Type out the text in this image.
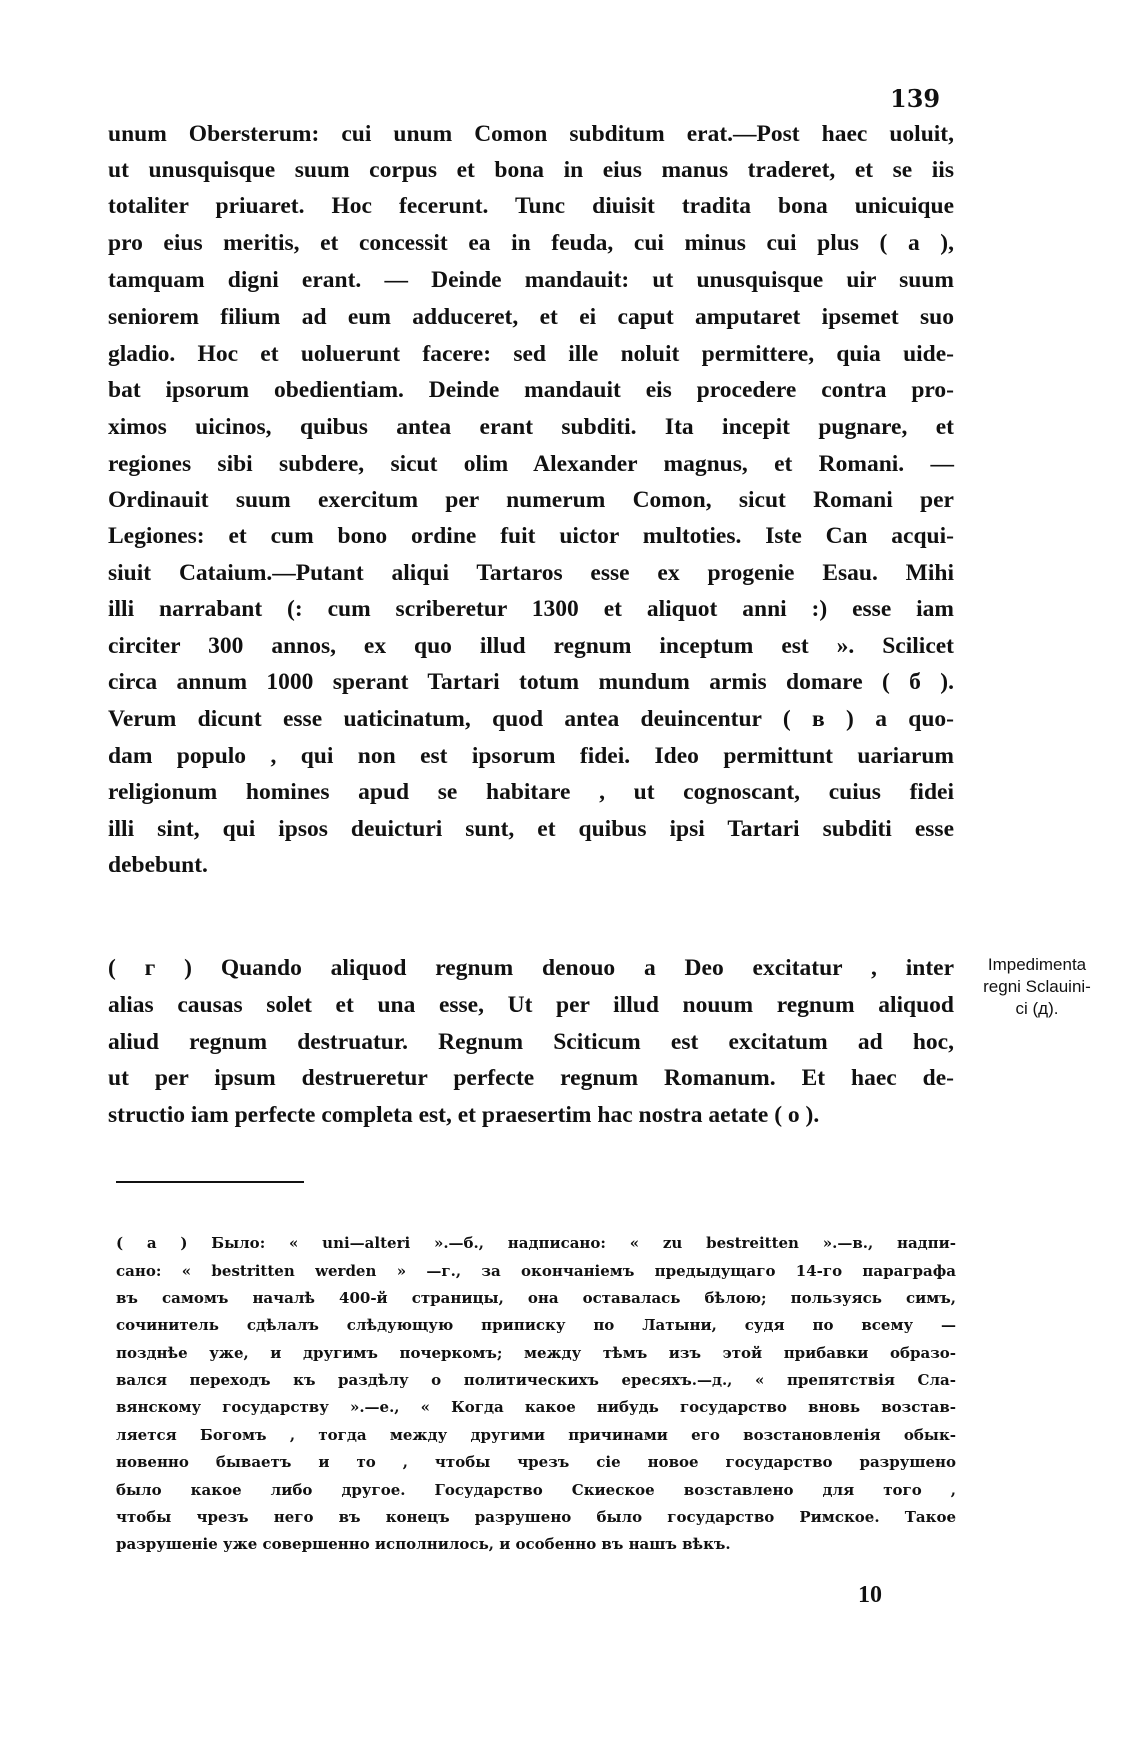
139
unum Obersterum: cui unum Comon subditum erat.—Post haec uoluit,
ut unusquisque suum corpus et bona in eius manus traderet, et se iis
totaliter priuaret. Hoc fecerunt. Tunc diuisit tradita bona unicuique
pro eius meritis, et concessit ea in feuda, cui minus cui plus ( a ),
tamquam digni erant. — Deinde mandauit: ut unusquisque uir suum
seniorem filium ad eum adduceret, et ei caput amputaret ipsemet suo
gladio. Hoc et uoluerunt facere: sed ille noluit permittere, quia uide-
bat ipsorum obedientiam. Deinde mandauit eis procedere contra pro-
ximos uicinos, quibus antea erant subditi. Ita incepit pugnare, et
regiones sibi subdere, sicut olim Alexander magnus, et Romani. —
Ordinauit suum exercitum per numerum Comon, sicut Romani per
Legiones: et cum bono ordine fuit uictor multoties. Iste Can acqui-
siuit Cataium.—Putant aliqui Tartaros esse ex progenie Esau. Mihi
illi narrabant (: cum scriberetur 1300 et aliquot anni :) esse iam
circiter 300 annos, ex quo illud regnum inceptum est ». Scilicet
circa annum 1000 sperant Tartari totum mundum armis domare ( б ).
Verum dicunt esse uaticinatum, quod antea deuincentur ( в ) a quo-
dam populo , qui non est ipsorum fidei. Ideo permittunt uariarum
religionum homines apud se habitare , ut cognoscant, cuius fidei
illi sint, qui ipsos deuicturi sunt, et quibus ipsi Tartari subditi esse
debebunt.
( г ) Quando aliquod regnum denouo a Deo excitatur , inter
alias causas solet et una esse, Ut per illud nouum regnum aliquod
aliud regnum destruatur. Regnum Sciticum est excitatum ad hoc,
ut per ipsum destrueretur perfecte regnum Romanum. Et haec de-
structio iam perfecte completa est, et praesertim hac nostra aetate ( о ).
Impedimenta
regni Sclauini-
ci (д).
( а ) Было: « uni—alteri ».—б., надписано: « zu bestreitten ».—в., надпи-
сано: « bestritten werden » —г., за окончаніемъ предыдущаго 14-го параграфа
въ самомъ началѣ 400-й страницы, она оставалась бѣлою; пользуясь симъ,
сочинитель сдѣлалъ слѣдующую приписку по Латыни, судя по всему —
позднѣе уже, и другимъ почеркомъ; между тѣмъ изъ этой прибавки образо-
вался переходъ къ раздѣлу о политическихъ ересяхъ.—д., « препятствія Сла-
вянскому государству ».—е., « Когда какое нибудь государство вновь возстав-
ляется Богомъ , тогда между другими причинами его возстановленія обык-
новенно бываетъ и то , чтобы чрезъ сіе новое государство разрушено
было какое либо другое. Государство Скиеское возставлено для того ,
чтобы чрезъ него въ конецъ разрушено было государство Римское. Такое
разрушеніе уже совершенно исполнилось, и особенно въ нашъ вѣкъ.
10
